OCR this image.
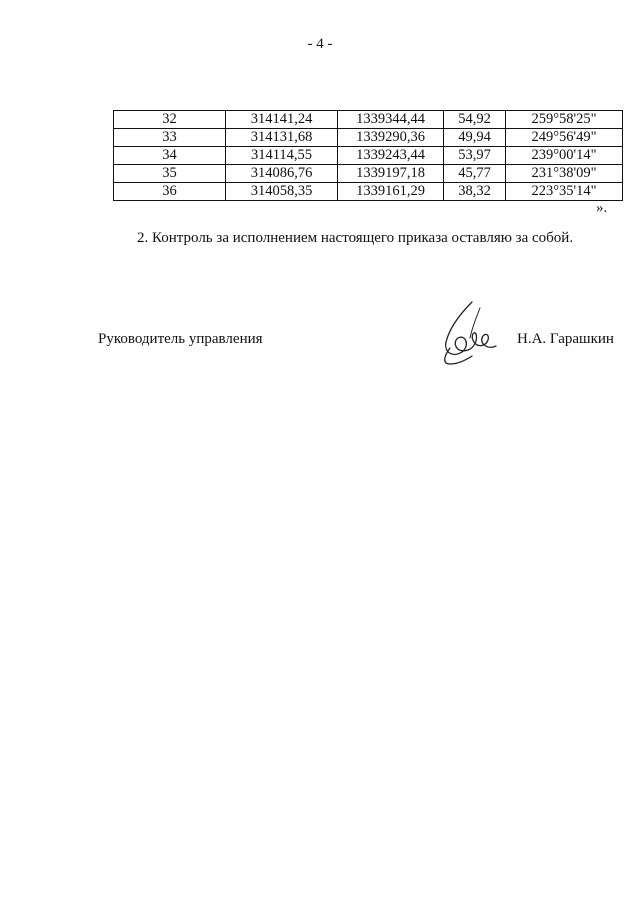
- 4 -
32	314141,24	1339344,44	54,92	259°58'25"
33	314131,68	1339290,36	49,94	249°56'49"
34	314114,55	1339243,44	53,97	239°00'14"
35	314086,76	1339197,18	45,77	231°38'09"
36	314058,35	1339161,29	38,32	223°35'14"
».
2. Контроль за исполнением настоящего приказа оставляю за собой.
Руководитель управления	Н.А. Гарашкин
